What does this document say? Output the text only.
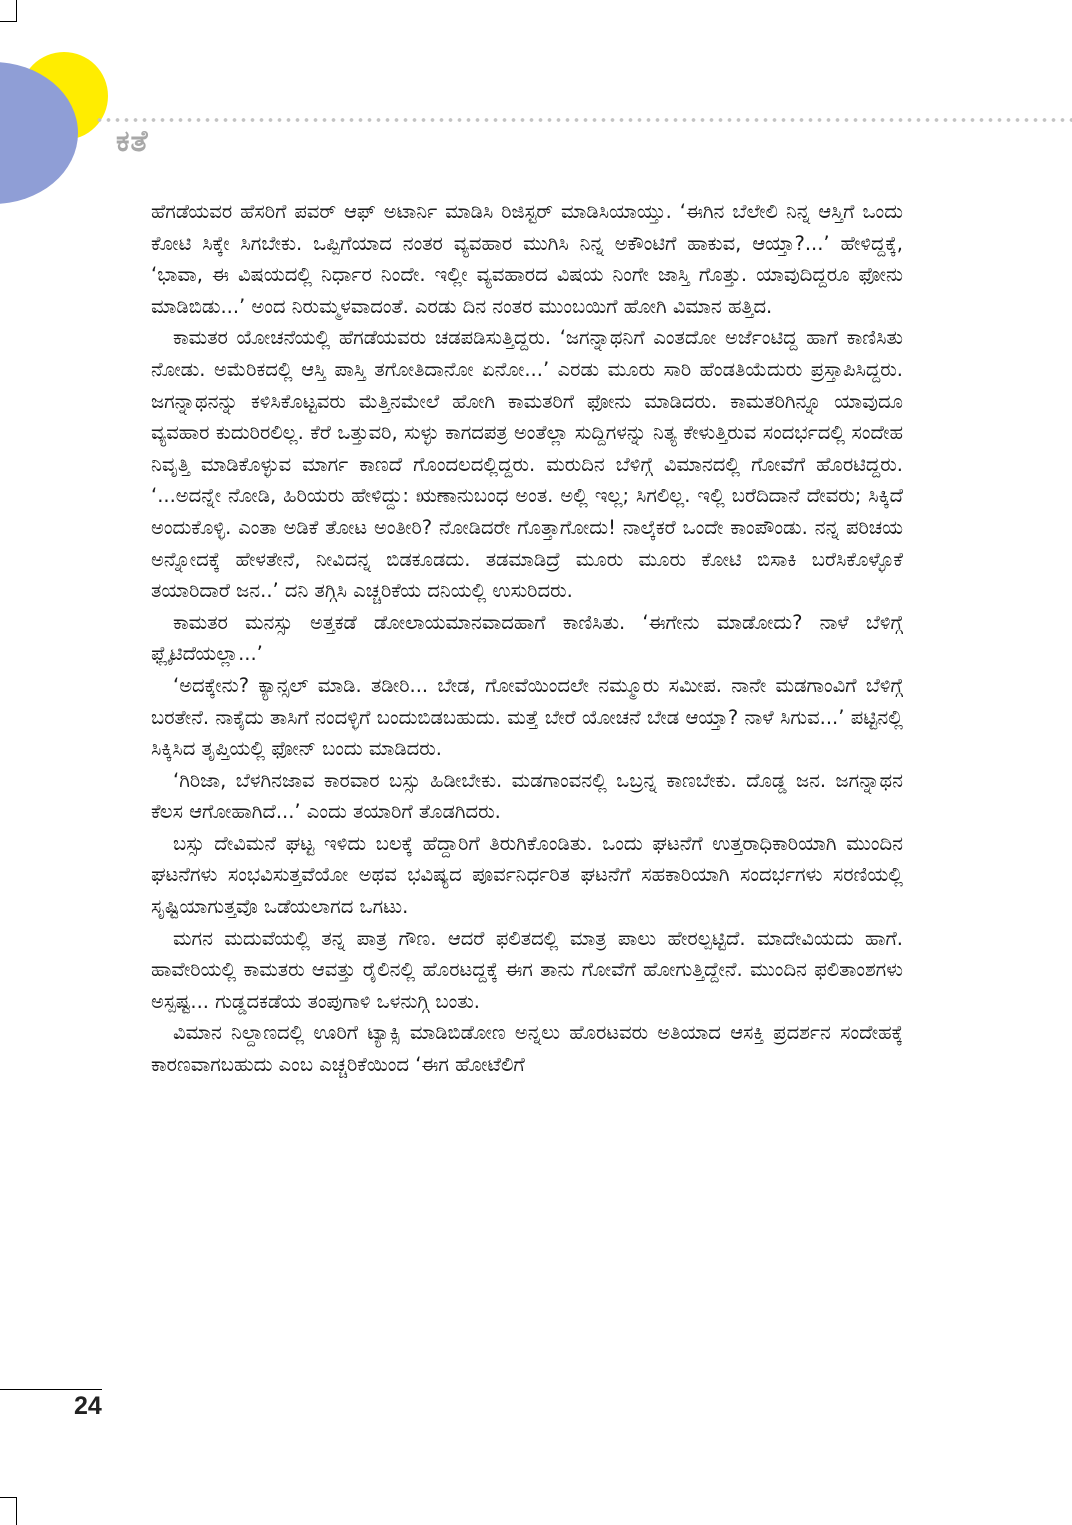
ಕತೆ

ಹೆಗಡೆಯವರ ಹೆಸರಿಗೆ ಪವರ್ ಆಫ್ ಅಟಾರ್ನಿ ಮಾಡಿಸಿ ರಿಜಿಸ್ಟರ್ ಮಾಡಿಸಿಯಾಯ್ತು. ‘ಈಗಿನ ಬೆಲೇಲಿ ನಿನ್ನ ಆಸ್ತಿಗೆ ಒಂದು ಕೋಟಿ ಸಿಕ್ಕೇ ಸಿಗಬೇಕು. ಒಪ್ಪಿಗೆಯಾದ ನಂತರ ವ್ಯವಹಾರ ಮುಗಿಸಿ ನಿನ್ನ ಅಕೌಂಟಿಗೆ ಹಾಕುವ, ಆಯ್ತಾ?...’ ಹೇಳಿದ್ದಕ್ಕೆ, ‘ಭಾವಾ, ಈ ವಿಷಯದಲ್ಲಿ ನಿರ್ಧಾರ ನಿಂದೇ. ಇಲ್ಲೀ ವ್ಯವಹಾರದ ವಿಷಯ ನಿಂಗೇ ಜಾಸ್ತಿ ಗೊತ್ತು. ಯಾವುದಿದ್ದರೂ ಫೋನು ಮಾಡಿಬಿಡು...’ ಅಂದ ನಿರುಮ್ಮಳವಾದಂತೆ. ಎರಡು ದಿನ ನಂತರ ಮುಂಬಯಿಗೆ ಹೋಗಿ ವಿಮಾನ ಹತ್ತಿದ.

ಕಾಮತರ ಯೋಚನೆಯಲ್ಲಿ ಹೆಗಡೆಯವರು ಚಡಪಡಿಸುತ್ತಿದ್ದರು. ‘ಜಗನ್ನಾಥನಿಗೆ ಎಂತದೋ ಅರ್ಜೆಂಟಿದ್ದ ಹಾಗೆ ಕಾಣಿಸಿತು ನೋಡು. ಅಮೆರಿಕದಲ್ಲಿ ಆಸ್ತಿ ಪಾಸ್ತಿ ತಗೋತಿದಾನೋ ಏನೋ...’ ಎರಡು ಮೂರು ಸಾರಿ ಹೆಂಡತಿಯೆದುರು ಪ್ರಸ್ತಾಪಿಸಿದ್ದರು. ಜಗನ್ನಾಥನನ್ನು ಕಳಿಸಿಕೊಟ್ಟವರು ಮೆತ್ತಿನಮೇಲೆ ಹೋಗಿ ಕಾಮತರಿಗೆ ಫೋನು ಮಾಡಿದರು. ಕಾಮತರಿಗಿನ್ನೂ ಯಾವುದೂ ವ್ಯವಹಾರ ಕುದುರಿರಲಿಲ್ಲ. ಕೆರೆ ಒತ್ತುವರಿ, ಸುಳ್ಳು ಕಾಗದಪತ್ರ ಅಂತೆಲ್ಲಾ ಸುದ್ದಿಗಳನ್ನು ನಿತ್ಯ ಕೇಳುತ್ತಿರುವ ಸಂದರ್ಭದಲ್ಲಿ ಸಂದೇಹ ನಿವೃತ್ತಿ ಮಾಡಿಕೊಳ್ಳುವ ಮಾರ್ಗ ಕಾಣದೆ ಗೊಂದಲದಲ್ಲಿದ್ದರು. ಮರುದಿನ ಬೆಳಿಗ್ಗೆ ವಿಮಾನದಲ್ಲಿ ಗೋವೆಗೆ ಹೊರಟಿದ್ದರು. ‘...ಅದನ್ನೇ ನೋಡಿ, ಹಿರಿಯರು ಹೇಳಿದ್ದು: ಋಣಾನುಬಂಧ ಅಂತ. ಅಲ್ಲಿ ಇಲ್ಲ; ಸಿಗಲಿಲ್ಲ. ಇಲ್ಲಿ ಬರೆದಿದಾನೆ ದೇವರು; ಸಿಕ್ಕಿದೆ ಅಂದುಕೊಳ್ಳಿ. ಎಂತಾ ಅಡಿಕೆ ತೋಟ ಅಂತೀರಿ? ನೋಡಿದರೇ ಗೊತ್ತಾಗೋದು! ನಾಲ್ಕೆಕರೆ ಒಂದೇ ಕಾಂಪೌಂಡು. ನನ್ನ ಪರಿಚಯ ಅನ್ನೋದಕ್ಕೆ ಹೇಳತೇನೆ, ನೀವಿದನ್ನ ಬಿಡಕೂಡದು. ತಡಮಾಡಿದ್ರೆ ಮೂರು ಮೂರು ಕೋಟಿ ಬಿಸಾಕಿ ಬರೆಸಿಕೊಳ್ಳೊಕೆ ತಯಾರಿದಾರೆ ಜನ..’ ದನಿ ತಗ್ಗಿಸಿ ಎಚ್ಚರಿಕೆಯ ದನಿಯಲ್ಲಿ ಉಸುರಿದರು.

ಕಾಮತರ ಮನಸ್ಸು ಅತ್ತಕಡೆ ಡೋಲಾಯಮಾನವಾದಹಾಗೆ ಕಾಣಿಸಿತು. ‘ಈಗೇನು ಮಾಡೋದು? ನಾಳೆ ಬೆಳಿಗ್ಗೆ ಫ್ಲೈಟಿದೆಯಲ್ಲಾ...’

‘ಅದಕ್ಕೇನು? ಕ್ಯಾನ್ಸಲ್ ಮಾಡಿ. ತಡೀರಿ... ಬೇಡ, ಗೋವೆಯಿಂದಲೇ ನಮ್ಮೂರು ಸಮೀಪ. ನಾನೇ ಮಡಗಾಂವಿಗೆ ಬೆಳಿಗ್ಗೆ ಬರತೇನೆ. ನಾಕೈದು ತಾಸಿಗೆ ನಂದಳ್ಳಿಗೆ ಬಂದುಬಿಡಬಹುದು. ಮತ್ತೆ ಬೇರೆ ಯೋಚನೆ ಬೇಡ ಆಯ್ತಾ? ನಾಳೆ ಸಿಗುವ...’ ಪಟ್ಟಿನಲ್ಲಿ ಸಿಕ್ಕಿಸಿದ ತೃಪ್ತಿಯಲ್ಲಿ ಫೋನ್ ಬಂದು ಮಾಡಿದರು.

‘ಗಿರಿಜಾ, ಬೆಳಗಿನಜಾವ ಕಾರವಾರ ಬಸ್ಸು ಹಿಡೀಬೇಕು. ಮಡಗಾಂವನಲ್ಲಿ ಒಬ್ರನ್ನ ಕಾಣಬೇಕು. ದೊಡ್ಡ ಜನ. ಜಗನ್ನಾಥನ ಕೆಲಸ ಆಗೋಹಾಗಿದೆ...’ ಎಂದು ತಯಾರಿಗೆ ತೊಡಗಿದರು.

ಬಸ್ಸು ದೇವಿಮನೆ ಘಟ್ಟ ಇಳಿದು ಬಲಕ್ಕೆ ಹೆದ್ದಾರಿಗೆ ತಿರುಗಿಕೊಂಡಿತು. ಒಂದು ಘಟನೆಗೆ ಉತ್ತರಾಧಿಕಾರಿಯಾಗಿ ಮುಂದಿನ ಘಟನೆಗಳು ಸಂಭವಿಸುತ್ತವೆಯೋ ಅಥವ ಭವಿಷ್ಯದ ಪೂರ್ವನಿರ್ಧರಿತ ಘಟನೆಗೆ ಸಹಕಾರಿಯಾಗಿ ಸಂದರ್ಭಗಳು ಸರಣಿಯಲ್ಲಿ ಸೃಷ್ಟಿಯಾಗುತ್ತವೊ ಒಡೆಯಲಾಗದ ಒಗಟು.

ಮಗನ ಮದುವೆಯಲ್ಲಿ ತನ್ನ ಪಾತ್ರ ಗೌಣ. ಆದರೆ ಫಲಿತದಲ್ಲಿ ಮಾತ್ರ ಪಾಲು ಹೇರಲ್ಪಟ್ಟಿದೆ. ಮಾದೇವಿಯದು ಹಾಗೆ. ಹಾವೇರಿಯಲ್ಲಿ ಕಾಮತರು ಆವತ್ತು ರೈಲಿನಲ್ಲಿ ಹೊರಟದ್ದಕ್ಕೆ ಈಗ ತಾನು ಗೋವೆಗೆ ಹೋಗುತ್ತಿದ್ದೇನೆ. ಮುಂದಿನ ಫಲಿತಾಂಶಗಳು ಅಸ್ಪಷ್ಟ... ಗುಡ್ಡದಕಡೆಯ ತಂಪುಗಾಳಿ ಒಳನುಗ್ಗಿ ಬಂತು.

ವಿಮಾನ ನಿಲ್ದಾಣದಲ್ಲಿ ಊರಿಗೆ ಟ್ಯಾಕ್ಸಿ ಮಾಡಿಬಿಡೋಣ ಅನ್ನಲು ಹೊರಟವರು ಅತಿಯಾದ ಆಸಕ್ತಿ ಪ್ರದರ್ಶನ ಸಂದೇಹಕ್ಕೆ ಕಾರಣವಾಗಬಹುದು ಎಂಬ ಎಚ್ಚರಿಕೆಯಿಂದ ‘ಈಗ ಹೋಟೆಲಿಗೆ

24
